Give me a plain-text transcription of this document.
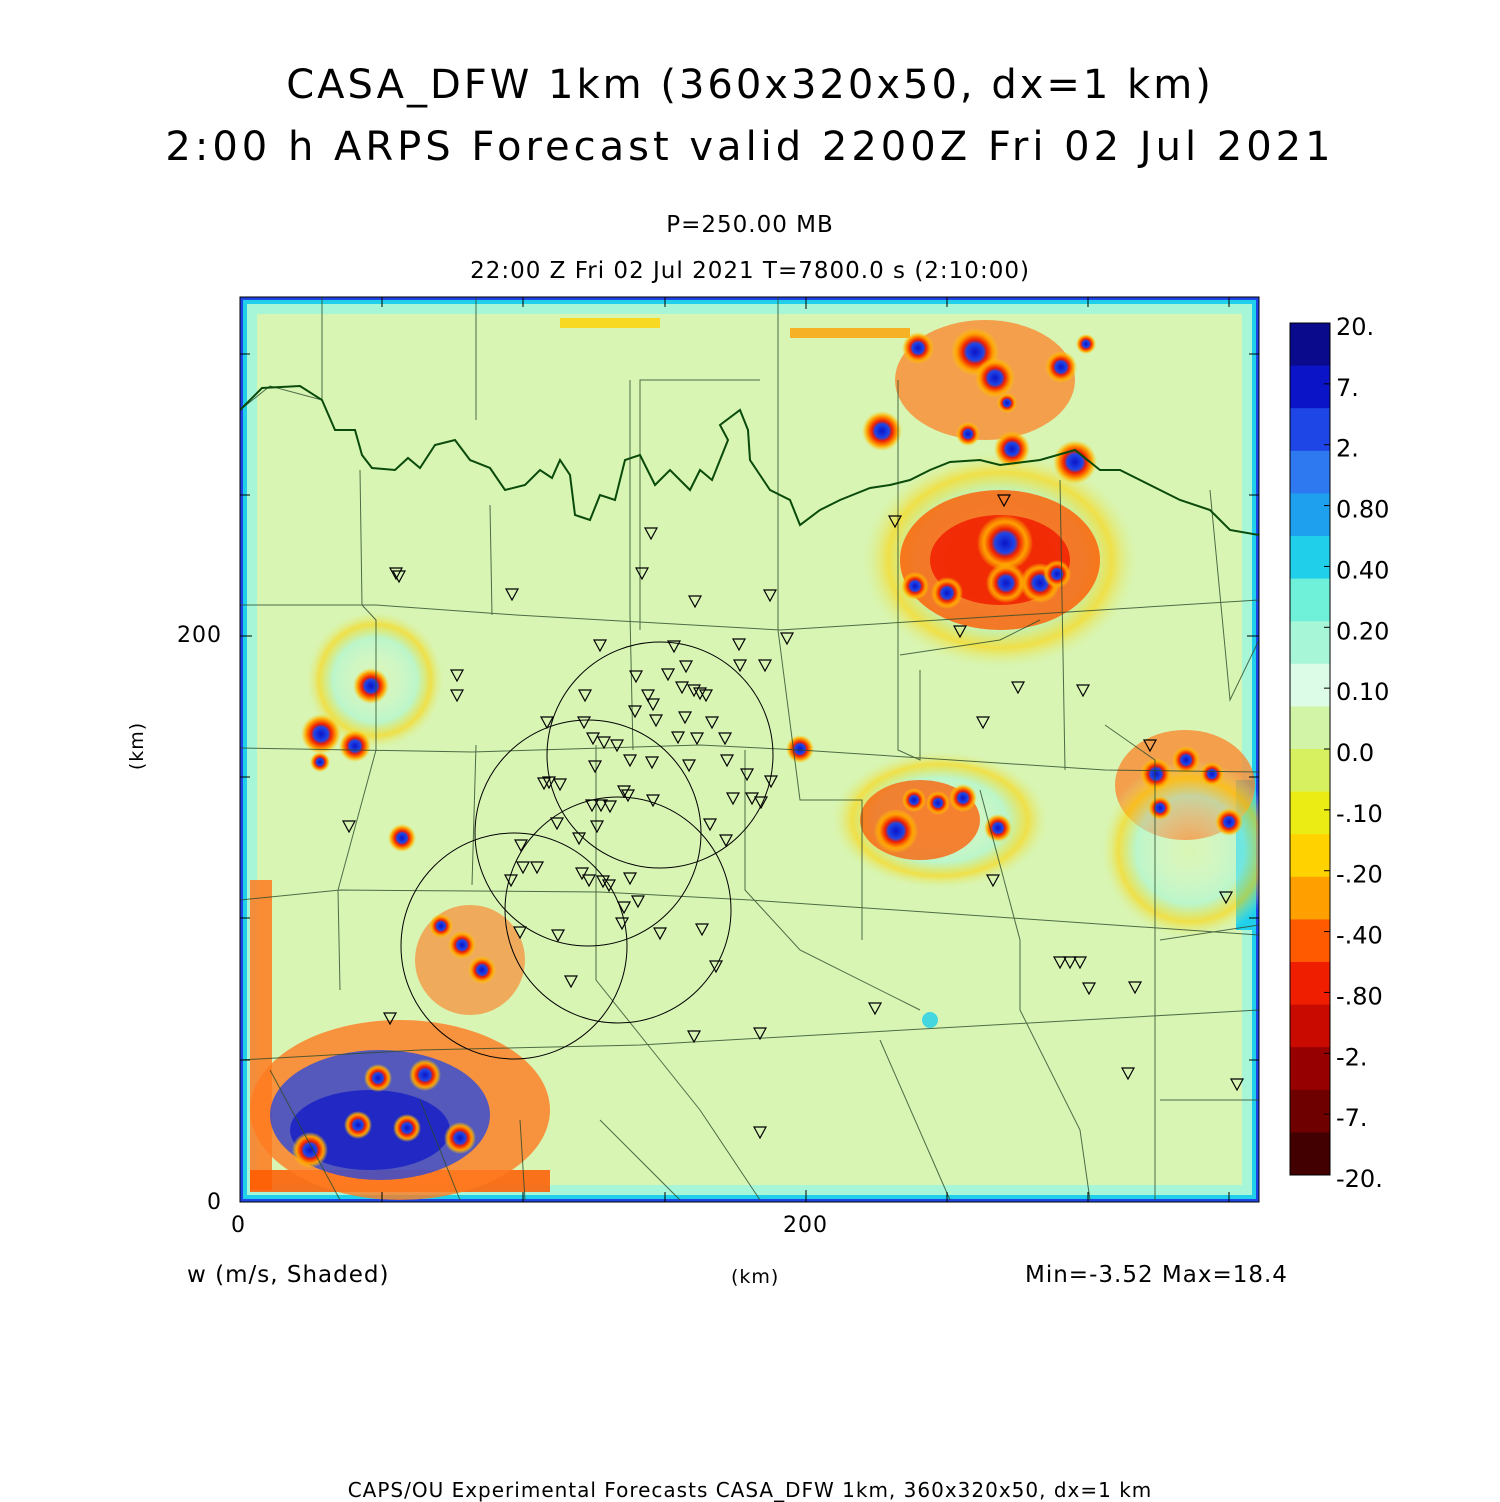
CASA_DFW 1km (360x320x50, dx=1 km)
2:00 h ARPS Forecast valid 2200Z Fri 02 Jul 2021
P=250.00 MB
22:00 Z Fri 02 Jul 2021 T=7800.0 s (2:10:00)
20.
7.
2.
0.80
0.40
0.20
0.10
0.0
-.10
-.20
-.40
-.80
-2.
-7.
-20.
200
0
0	200
(km)
(km)
w (m/s, Shaded)	Min=-3.52 Max=18.4
CAPS/OU Experimental Forecasts CASA_DFW 1km, 360x320x50, dx=1 km
